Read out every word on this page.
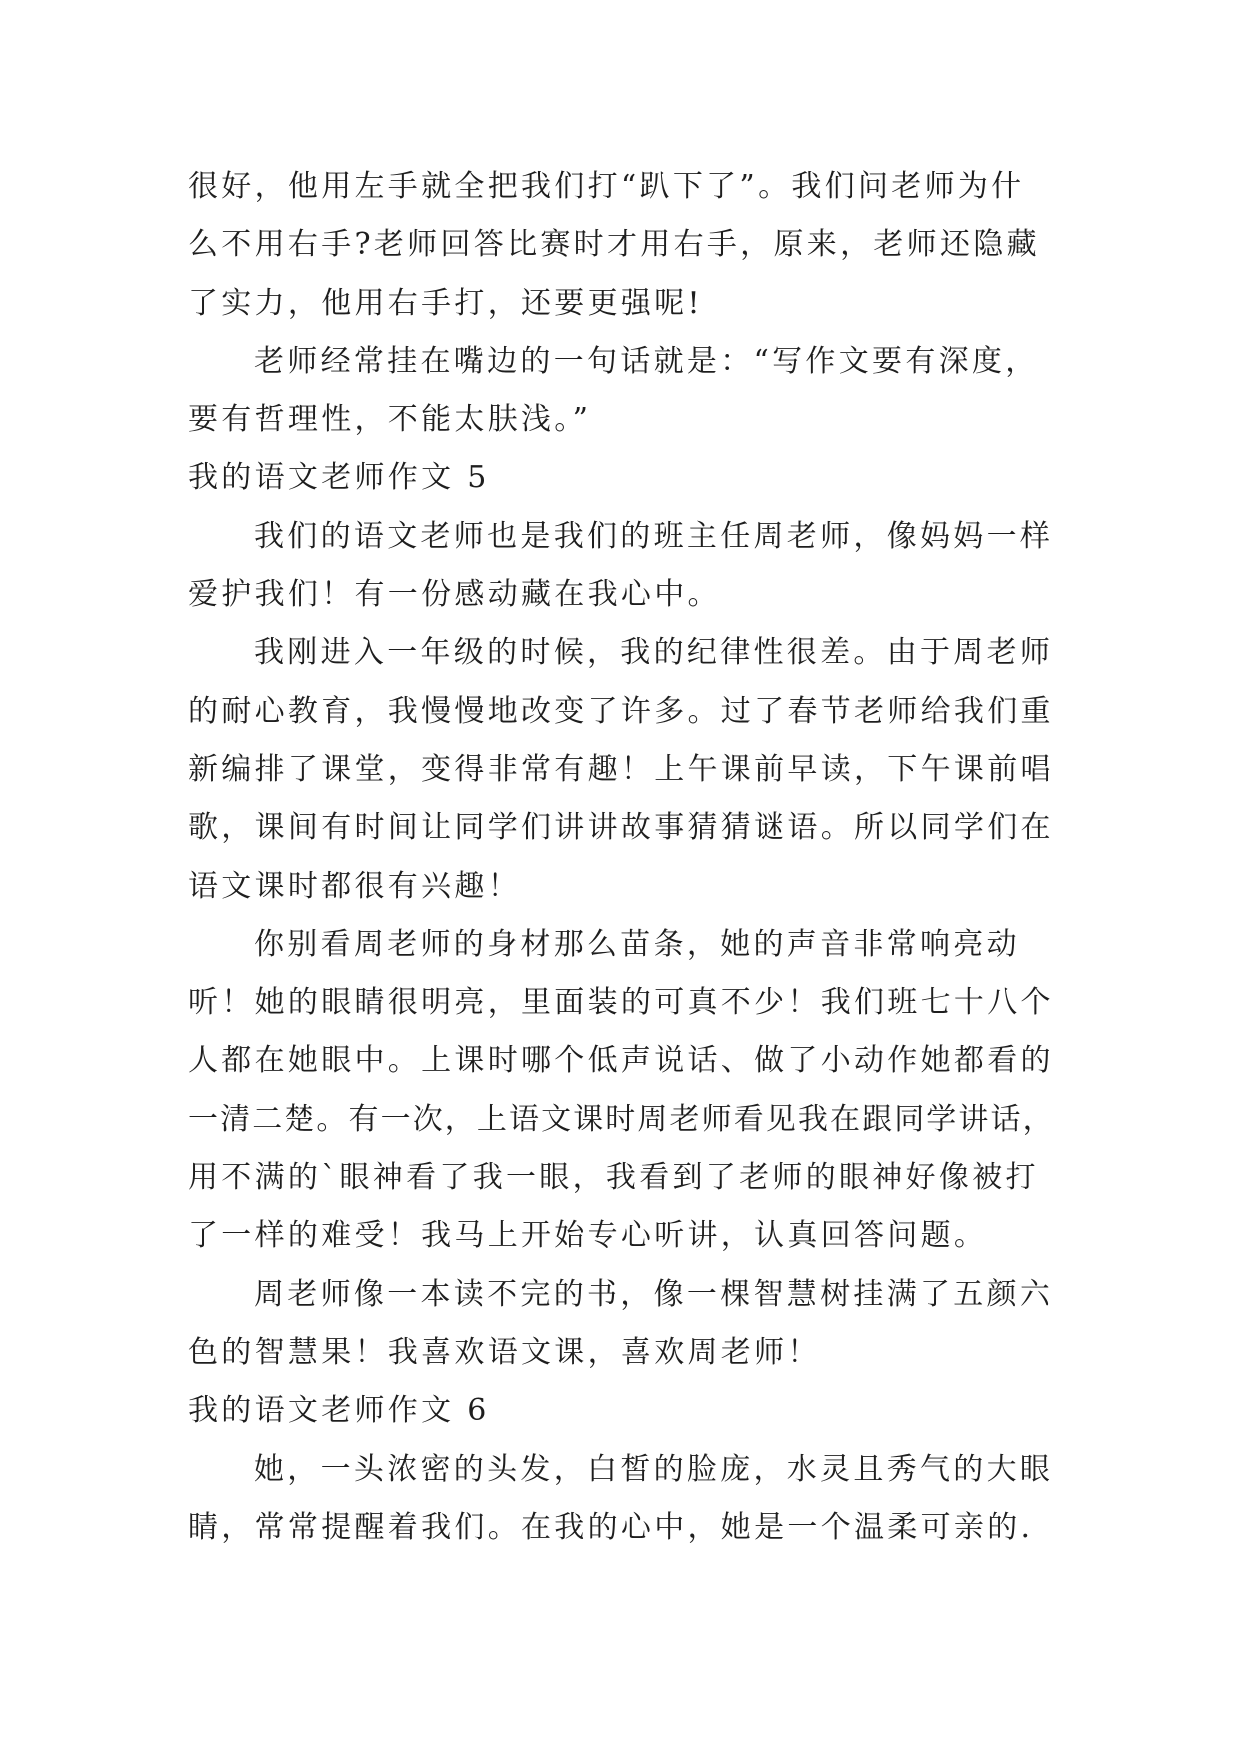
很好，他用左手就全把我们打“趴下了”。我们问老师为什
么不用右手?老师回答比赛时才用右手，原来，老师还隐藏
了实力，他用右手打，还要更强呢!
老师经常挂在嘴边的一句话就是：“写作文要有深度，
要有哲理性，不能太肤浅。”
我的语文老师作文 5
我们的语文老师也是我们的班主任周老师，像妈妈一样
爱护我们！有一份感动藏在我心中。
我刚进入一年级的时候，我的纪律性很差。由于周老师
的耐心教育，我慢慢地改变了许多。过了春节老师给我们重
新编排了课堂，变得非常有趣！上午课前早读，下午课前唱
歌，课间有时间让同学们讲讲故事猜猜谜语。所以同学们在
语文课时都很有兴趣！
你别看周老师的身材那么苗条，她的声音非常响亮动
听！她的眼睛很明亮，里面装的可真不少！我们班七十八个
人都在她眼中。上课时哪个低声说话、做了小动作她都看的
一清二楚。有一次，上语文课时周老师看见我在跟同学讲话，
用不满的`眼神看了我一眼，我看到了老师的眼神好像被打
了一样的难受！我马上开始专心听讲，认真回答问题。
周老师像一本读不完的书，像一棵智慧树挂满了五颜六
色的智慧果！我喜欢语文课，喜欢周老师！
我的语文老师作文 6
她，一头浓密的头发，白皙的脸庞，水灵且秀气的大眼
睛，常常提醒着我们。在我的心中，她是一个温柔可亲的.
